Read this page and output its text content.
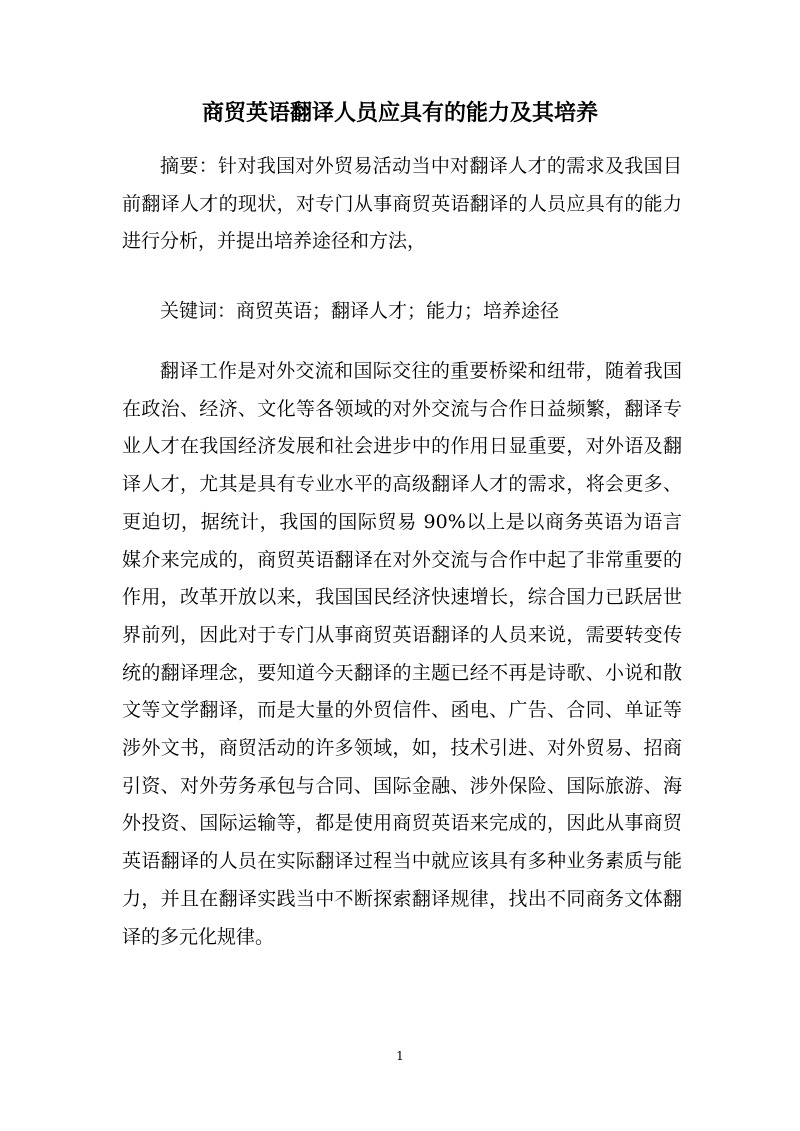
商贸英语翻译人员应具有的能力及其培养

摘要：针对我国对外贸易活动当中对翻译人才的需求及我国目前翻译人才的现状，对专门从事商贸英语翻译的人员应具有的能力进行分析，并提出培养途径和方法，

关键词：商贸英语；翻译人才；能力；培养途径

翻译工作是对外交流和国际交往的重要桥梁和纽带，随着我国在政治、经济、文化等各领域的对外交流与合作日益频繁，翻译专业人才在我国经济发展和社会进步中的作用日显重要，对外语及翻译人才，尤其是具有专业水平的高级翻译人才的需求，将会更多、更迫切，据统计，我国的国际贸易 90%以上是以商务英语为语言媒介来完成的，商贸英语翻译在对外交流与合作中起了非常重要的作用，改革开放以来，我国国民经济快速增长，综合国力已跃居世界前列，因此对于专门从事商贸英语翻译的人员来说，需要转变传统的翻译理念，要知道今天翻译的主题已经不再是诗歌、小说和散文等文学翻译，而是大量的外贸信件、函电、广告、合同、单证等涉外文书，商贸活动的许多领域，如，技术引进、对外贸易、招商引资、对外劳务承包与合同、国际金融、涉外保险、国际旅游、海外投资、国际运输等，都是使用商贸英语来完成的，因此从事商贸英语翻译的人员在实际翻译过程当中就应该具有多种业务素质与能力，并且在翻译实践当中不断探索翻译规律，找出不同商务文体翻译的多元化规律。

1
